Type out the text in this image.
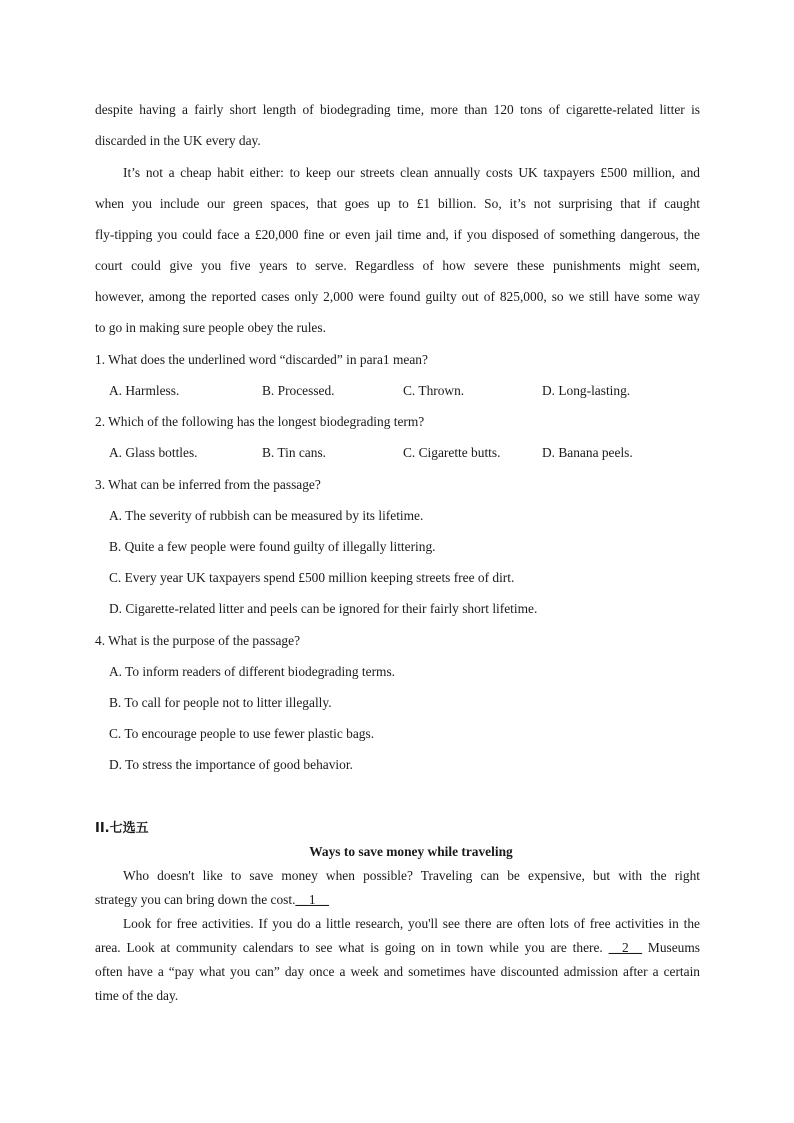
despite having a fairly short length of biodegrading time, more than 120 tons of cigarette-related litter is
discarded in the UK every day.
It’s not a cheap habit either: to keep our streets clean annually costs UK taxpayers £500 million, and
when you include our green spaces, that goes up to £1 billion. So, it’s not surprising that if caught
fly-tipping you could face a £20,000 fine or even jail time and, if you disposed of something dangerous, the
court could give you five years to serve. Regardless of how severe these punishments might seem,
however, among the reported cases only 2,000 were found guilty out of 825,000, so we still have some way
to go in making sure people obey the rules.
1. What does the underlined word “discarded” in para1 mean?
A. Harmless.	B. Processed.	C. Thrown.	D. Long-lasting.
2. Which of the following has the longest biodegrading term?
A. Glass bottles.	B. Tin cans.	C. Cigarette butts.	D. Banana peels.
3. What can be inferred from the passage?
A. The severity of rubbish can be measured by its lifetime.
B. Quite a few people were found guilty of illegally littering.
C. Every year UK taxpayers spend £500 million keeping streets free of dirt.
D. Cigarette-related litter and peels can be ignored for their fairly short lifetime.
4. What is the purpose of the passage?
A. To inform readers of different biodegrading terms.
B. To call for people not to litter illegally.
C. To encourage people to use fewer plastic bags.
D. To stress the importance of good behavior.
II.七选五
Ways to save money while traveling
Who doesn't like to save money when possible? Traveling can be expensive, but with the right
strategy you can bring down the cost.__1__
Look for free activities. If you do a little research, you'll see there are often lots of free activities in the
area. Look at community calendars to see what is going on in town while you are there. __2__ Museums
often have a “pay what you can” day once a week and sometimes have discounted admission after a certain
time of the day.
